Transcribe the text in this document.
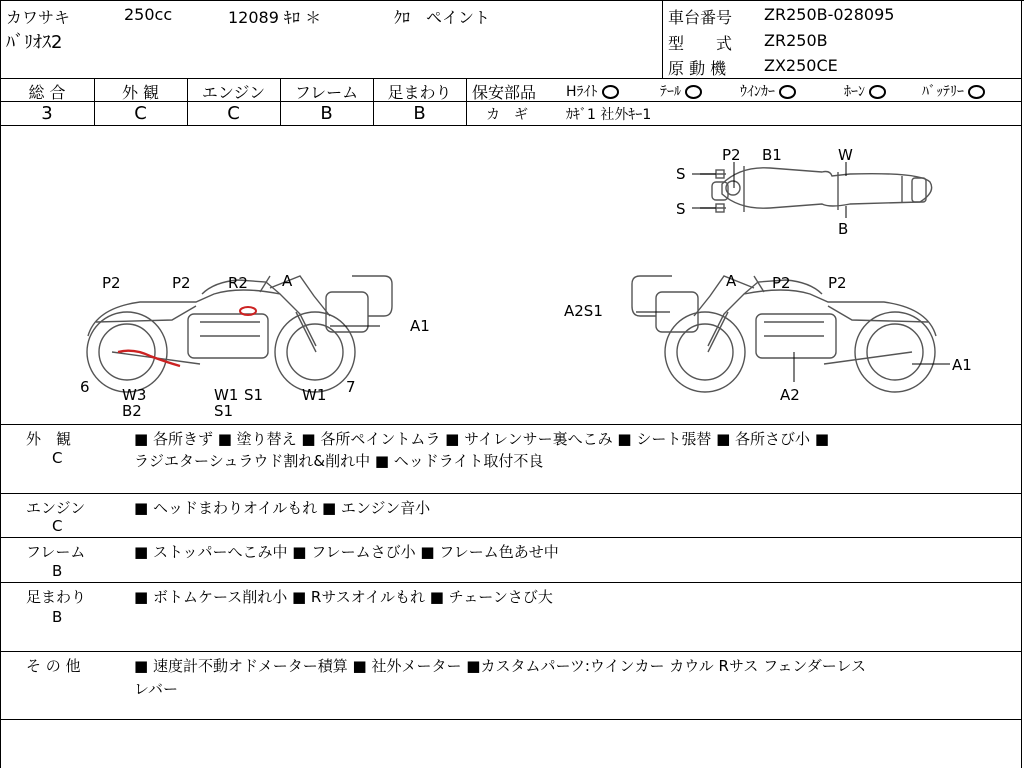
カワサキ	250cc	12089 ｷﾛ ＊	ｸﾛ　ペイント
ﾊﾞﾘｵｽ2
車台番号 ZR250B-028095
型　　式 ZR250B
原 動 機 ZX250CE
総 合	外 観	エンジン	フレーム	足まわり
3	C	C	B	B
保安部品 Hﾗｲﾄ	ﾃｰﾙ	ｳｲﾝｶｰ	ﾎｰﾝ	ﾊﾞｯﾃﾘｰ
カ　ギ	ｶｷﾞ1 社外ｷｰ1
P2 B1	W
S
S
B
P2	P2 R2 A
A1
6 W3
B2
W1
S1
S1	W1 7
A P2 P2
A2S1
A1
A2
外　観
C
■ 各所きず ■ 塗り替え ■ 各所ペイントムラ ■ サイレンサー裏へこみ ■ シート張替 ■ 各所さび小 ■
ラジエターシュラウド割れ&削れ中 ■ ヘッドライト取付不良
エンジン
C
■ ヘッドまわりオイルもれ ■ エンジン音小
フレーム
B
■ ストッパーへこみ中 ■ フレームさび小 ■ フレーム色あせ中
足まわり
B
■ ボトムケース削れ小 ■ Rサスオイルもれ ■ チェーンさび大
そ の 他	■ 速度計不動オドメーター積算 ■ 社外メーター ■カスタムパーツ:ウインカー カウル Rサス フェンダーレス
レバー
